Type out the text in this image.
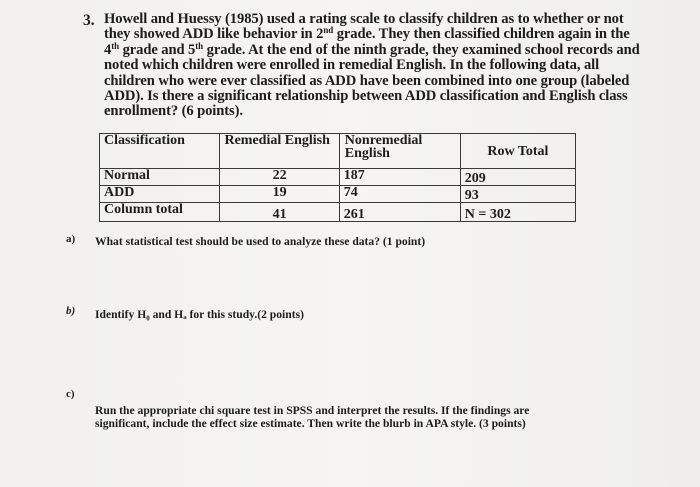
3. Howell and Huessy (1985) used a rating scale to classify children as to whether or not
they showed ADD like behavior in 2nd grade. They then classified children again in the
4th grade and 5th grade. At the end of the ninth grade, they examined school records and
noted which children were enrolled in remedial English. In the following data, all
children who were ever classified as ADD have been combined into one group (labeled
ADD). Is there a significant relationship between ADD classification and English class
enrollment? (6 points).
Classification	Remedial English	Nonremedial English	Row Total
Normal	22	187	209
ADD	19	74	93
Column total	41	261	N = 302
a) What statistical test should be used to analyze these data? (1 point)
b) Identify H₀ and Hₐ for this study.(2 points)
c)
Run the appropriate chi square test in SPSS and interpret the results. If the findings are
significant, include the effect size estimate. Then write the blurb in APA style. (3 points)
